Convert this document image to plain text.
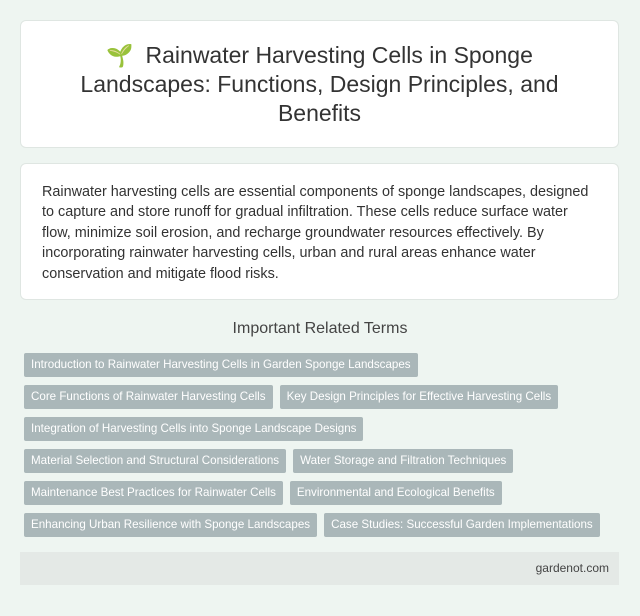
🌱 Rainwater Harvesting Cells in Sponge Landscapes: Functions, Design Principles, and Benefits

Rainwater harvesting cells are essential components of sponge landscapes, designed to capture and store runoff for gradual infiltration. These cells reduce surface water flow, minimize soil erosion, and recharge groundwater resources effectively. By incorporating rainwater harvesting cells, urban and rural areas enhance water conservation and mitigate flood risks.

Important Related Terms
Introduction to Rainwater Harvesting Cells in Garden Sponge Landscapes
Core Functions of Rainwater Harvesting Cells	Key Design Principles for Effective Harvesting Cells
Integration of Harvesting Cells into Sponge Landscape Designs
Material Selection and Structural Considerations	Water Storage and Filtration Techniques
Maintenance Best Practices for Rainwater Cells	Environmental and Ecological Benefits
Enhancing Urban Resilience with Sponge Landscapes	Case Studies: Successful Garden Implementations
gardenot.com
